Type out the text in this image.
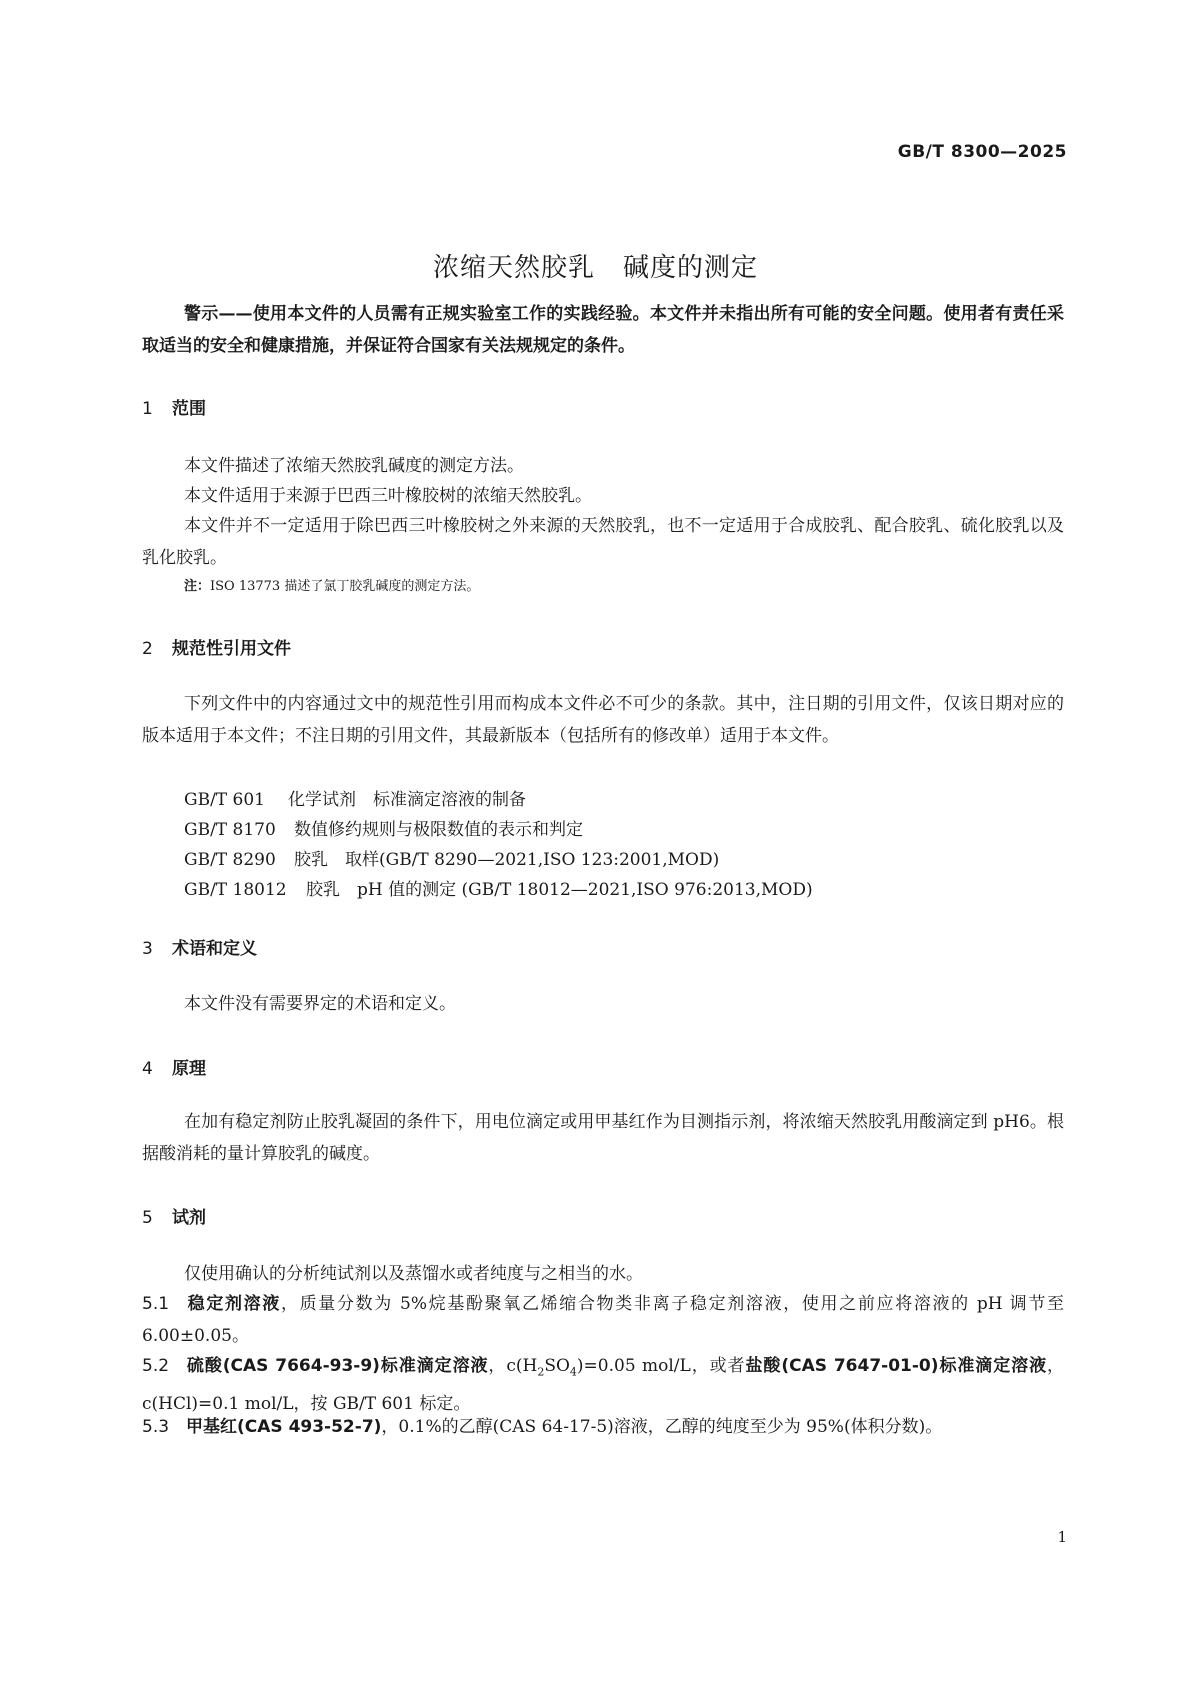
GB/T 8300—2025
浓缩天然胶乳 碱度的测定
警示——使用本文件的人员需有正规实验室工作的实践经验。本文件并未指出所有可能的安全问题。使用者有责任采取适当的安全和健康措施，并保证符合国家有关法规规定的条件。
1 范围
本文件描述了浓缩天然胶乳碱度的测定方法。
本文件适用于来源于巴西三叶橡胶树的浓缩天然胶乳。
本文件并不一定适用于除巴西三叶橡胶树之外来源的天然胶乳，也不一定适用于合成胶乳、配合胶乳、硫化胶乳以及乳化胶乳。
注：ISO 13773 描述了氯丁胶乳碱度的测定方法。
2 规范性引用文件
下列文件中的内容通过文中的规范性引用而构成本文件必不可少的条款。其中，注日期的引用文件，仅该日期对应的版本适用于本文件；不注日期的引用文件，其最新版本（包括所有的修改单）适用于本文件。
GB/T 601 化学试剂　标准滴定溶液的制备
GB/T 8170 数值修约规则与极限数值的表示和判定
GB/T 8290 胶乳　取样(GB/T 8290—2021,ISO 123:2001,MOD)
GB/T 18012 胶乳　pH 值的测定 (GB/T 18012—2021,ISO 976:2013,MOD)
3 术语和定义
本文件没有需要界定的术语和定义。
4 原理
在加有稳定剂防止胶乳凝固的条件下，用电位滴定或用甲基红作为目测指示剂，将浓缩天然胶乳用酸滴定到 pH6。根据酸消耗的量计算胶乳的碱度。
5 试剂
仅使用确认的分析纯试剂以及蒸馏水或者纯度与之相当的水。
5.1 稳定剂溶液，质量分数为 5%烷基酚聚氧乙烯缩合物类非离子稳定剂溶液，使用之前应将溶液的 pH 调节至 6.00±0.05。
5.2 硫酸(CAS 7664-93-9)标准滴定溶液，$c(H_2SO_4)=0.05$ mol/L，或者盐酸(CAS 7647-01-0)标准滴定溶液，c(HCl)=0.1 mol/L，按 GB/T 601 标定。
5.3 甲基红(CAS 493-52-7)，0.1%的乙醇(CAS 64-17-5)溶液，乙醇的纯度至少为 95%(体积分数)。
1
